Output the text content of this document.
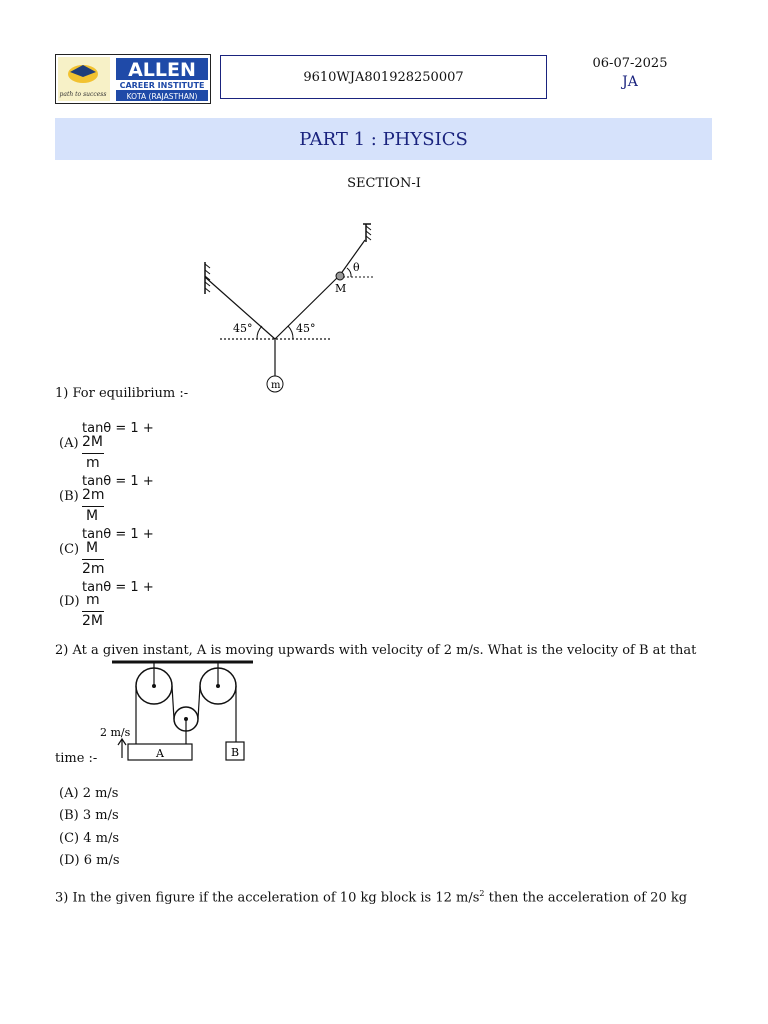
ALLEN
CAREER INSTITUTE
KOTA (RAJASTHAN)
path to success
9610WJA801928250007
06-07-2025
JA
PART 1 : PHYSICS
SECTION-I
45°	45°
θ
M
m
1) For equilibrium :-
(A)
tanθ = 1 +
2M
m
(B)
tanθ = 1 +
2m
M
(C)
tanθ = 1 +
M
2m
(D)
tanθ = 1 +
m
2M
2) At a given instant, A is moving upwards with velocity of 2 m/s. What is the velocity of B at that
A	B
2 m/s
time :-
(A) 2 m/s
(B) 3 m/s
(C) 4 m/s
(D) 6 m/s
3) In the given figure if the acceleration of 10 kg block is 12 $m/s^2$ then the acceleration of 20 kg
